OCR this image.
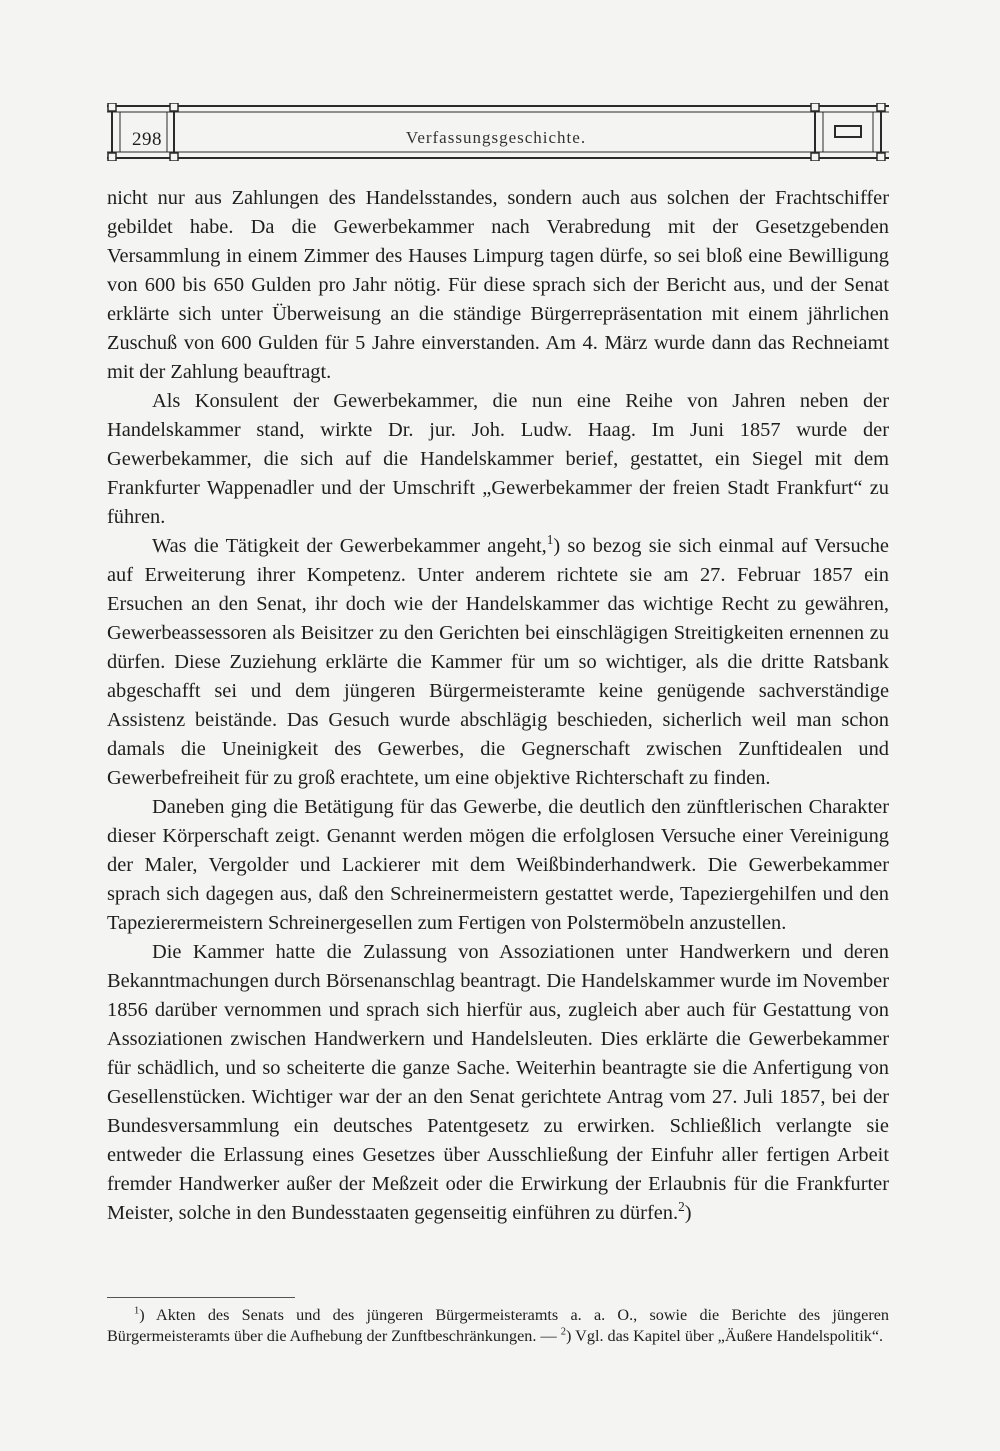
298	Verfassungsgeschichte.

nicht nur aus Zahlungen des Handelsstandes, sondern auch aus solchen der Frachtschiffer gebildet habe. Da die Gewerbekammer nach Verabredung mit der Gesetzgebenden Versammlung in einem Zimmer des Hauses Limpurg tagen dürfe, so sei bloß eine Bewilligung von 600 bis 650 Gulden pro Jahr nötig. Für diese sprach sich der Bericht aus, und der Senat erklärte sich unter Überweisung an die ständige Bürgerrepräsentation mit einem jährlichen Zuschuß von 600 Gulden für 5 Jahre einverstanden. Am 4. März wurde dann das Rechneiamt mit der Zahlung beauftragt.

Als Konsulent der Gewerbekammer, die nun eine Reihe von Jahren neben der Handelskammer stand, wirkte Dr. jur. Joh. Ludw. Haag. Im Juni 1857 wurde der Gewerbekammer, die sich auf die Handelskammer berief, gestattet, ein Siegel mit dem Frankfurter Wappenadler und der Umschrift „Gewerbekammer der freien Stadt Frankfurt“ zu führen.

Was die Tätigkeit der Gewerbekammer angeht,$^1$) so bezog sie sich einmal auf Versuche auf Erweiterung ihrer Kompetenz. Unter anderem richtete sie am 27. Februar 1857 ein Ersuchen an den Senat, ihr doch wie der Handelskammer das wichtige Recht zu gewähren, Gewerbeassessoren als Beisitzer zu den Gerichten bei einschlägigen Streitigkeiten ernennen zu dürfen. Diese Zuziehung erklärte die Kammer für um so wichtiger, als die dritte Ratsbank abgeschafft sei und dem jüngeren Bürgermeisteramte keine genügende sachverständige Assistenz beistände. Das Gesuch wurde abschlägig beschieden, sicherlich weil man schon damals die Uneinigkeit des Gewerbes, die Gegnerschaft zwischen Zunftidealen und Gewerbefreiheit für zu groß erachtete, um eine objektive Richterschaft zu finden.

Daneben ging die Betätigung für das Gewerbe, die deutlich den zünftlerischen Charakter dieser Körperschaft zeigt. Genannt werden mögen die erfolglosen Versuche einer Vereinigung der Maler, Vergolder und Lackierer mit dem Weißbinderhandwerk. Die Gewerbekammer sprach sich dagegen aus, daß den Schreinermeistern gestattet werde, Tapeziergehilfen und den Tapezierermeistern Schreinergesellen zum Fertigen von Polstermöbeln anzustellen.

Die Kammer hatte die Zulassung von Assoziationen unter Handwerkern und deren Bekanntmachungen durch Börsenanschlag beantragt. Die Handelskammer wurde im November 1856 darüber vernommen und sprach sich hierfür aus, zugleich aber auch für Gestattung von Assoziationen zwischen Handwerkern und Handelsleuten. Dies erklärte die Gewerbekammer für schädlich, und so scheiterte die ganze Sache. Weiterhin beantragte sie die Anfertigung von Gesellenstücken. Wichtiger war der an den Senat gerichtete Antrag vom 27. Juli 1857, bei der Bundesversammlung ein deutsches Patentgesetz zu erwirken. Schließlich verlangte sie entweder die Erlassung eines Gesetzes über Ausschließung der Einfuhr aller fertigen Arbeit fremder Handwerker außer der Meßzeit oder die Erwirkung der Erlaubnis für die Frankfurter Meister, solche in den Bundesstaaten gegenseitig einführen zu dürfen.$^2$)

$^1$) Akten des Senats und des jüngeren Bürgermeisteramts a. a. O., sowie die Berichte des jüngeren Bürgermeisteramts über die Aufhebung der Zunftbeschränkungen. — $^2$) Vgl. das Kapitel über „Äußere Handelspolitik“.
